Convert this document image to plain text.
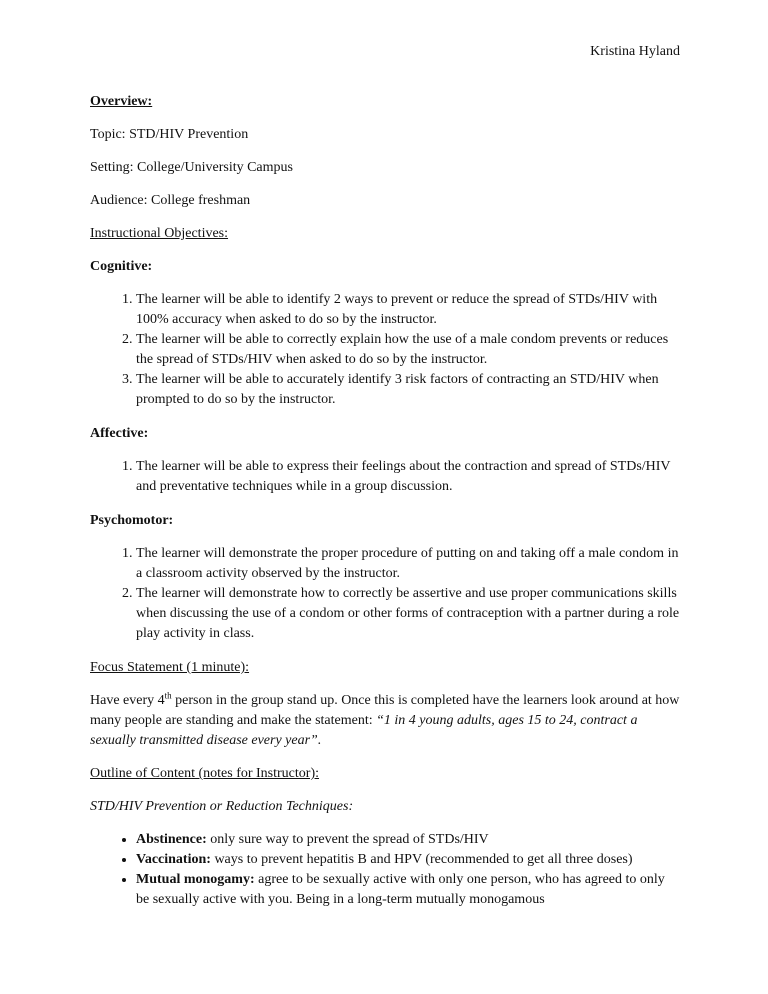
Kristina Hyland

Overview:

Topic: STD/HIV Prevention

Setting: College/University Campus

Audience: College freshman

Instructional Objectives:

Cognitive:

1. The learner will be able to identify 2 ways to prevent or reduce the spread of STDs/HIV with 100% accuracy when asked to do so by the instructor.
2. The learner will be able to correctly explain how the use of a male condom prevents or reduces the spread of STDs/HIV when asked to do so by the instructor.
3. The learner will be able to accurately identify 3 risk factors of contracting an STD/HIV when prompted to do so by the instructor.

Affective:

1. The learner will be able to express their feelings about the contraction and spread of STDs/HIV and preventative techniques while in a group discussion.

Psychomotor:

1. The learner will demonstrate the proper procedure of putting on and taking off a male condom in a classroom activity observed by the instructor.
2. The learner will demonstrate how to correctly be assertive and use proper communications skills when discussing the use of a condom or other forms of contraception with a partner during a role play activity in class.

Focus Statement (1 minute):

Have every 4th person in the group stand up. Once this is completed have the learners look around at how many people are standing and make the statement: “1 in 4 young adults, ages 15 to 24, contract a sexually transmitted disease every year”.

Outline of Content (notes for Instructor):

STD/HIV Prevention or Reduction Techniques:

• Abstinence: only sure way to prevent the spread of STDs/HIV
• Vaccination: ways to prevent hepatitis B and HPV (recommended to get all three doses)
• Mutual monogamy: agree to be sexually active with only one person, who has agreed to only be sexually active with you. Being in a long-term mutually monogamous
